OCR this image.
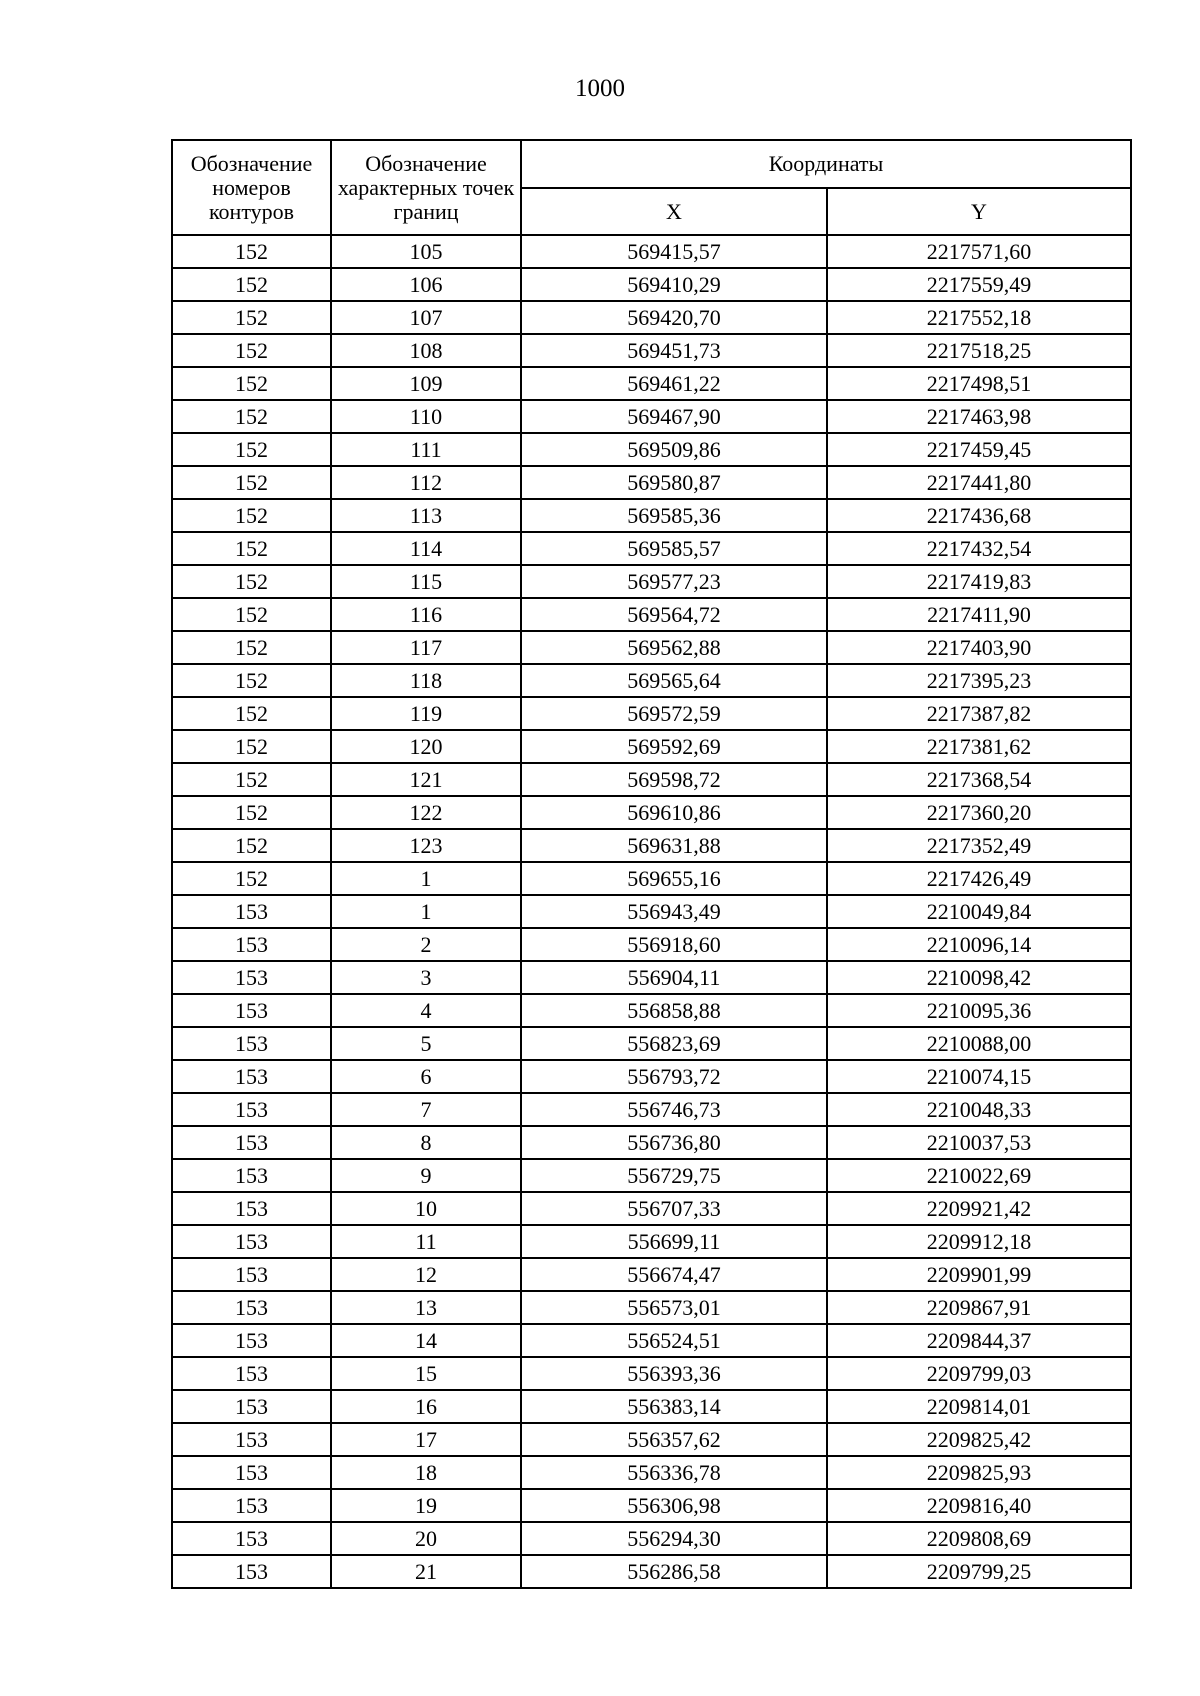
1000
Обозначение номеров контуров	Обозначение характерных точек границ	Координаты	
		X	Y
152	105	569415,57	2217571,60
152	106	569410,29	2217559,49
152	107	569420,70	2217552,18
152	108	569451,73	2217518,25
152	109	569461,22	2217498,51
152	110	569467,90	2217463,98
152	111	569509,86	2217459,45
152	112	569580,87	2217441,80
152	113	569585,36	2217436,68
152	114	569585,57	2217432,54
152	115	569577,23	2217419,83
152	116	569564,72	2217411,90
152	117	569562,88	2217403,90
152	118	569565,64	2217395,23
152	119	569572,59	2217387,82
152	120	569592,69	2217381,62
152	121	569598,72	2217368,54
152	122	569610,86	2217360,20
152	123	569631,88	2217352,49
152	1	569655,16	2217426,49
153	1	556943,49	2210049,84
153	2	556918,60	2210096,14
153	3	556904,11	2210098,42
153	4	556858,88	2210095,36
153	5	556823,69	2210088,00
153	6	556793,72	2210074,15
153	7	556746,73	2210048,33
153	8	556736,80	2210037,53
153	9	556729,75	2210022,69
153	10	556707,33	2209921,42
153	11	556699,11	2209912,18
153	12	556674,47	2209901,99
153	13	556573,01	2209867,91
153	14	556524,51	2209844,37
153	15	556393,36	2209799,03
153	16	556383,14	2209814,01
153	17	556357,62	2209825,42
153	18	556336,78	2209825,93
153	19	556306,98	2209816,40
153	20	556294,30	2209808,69
153	21	556286,58	2209799,25
